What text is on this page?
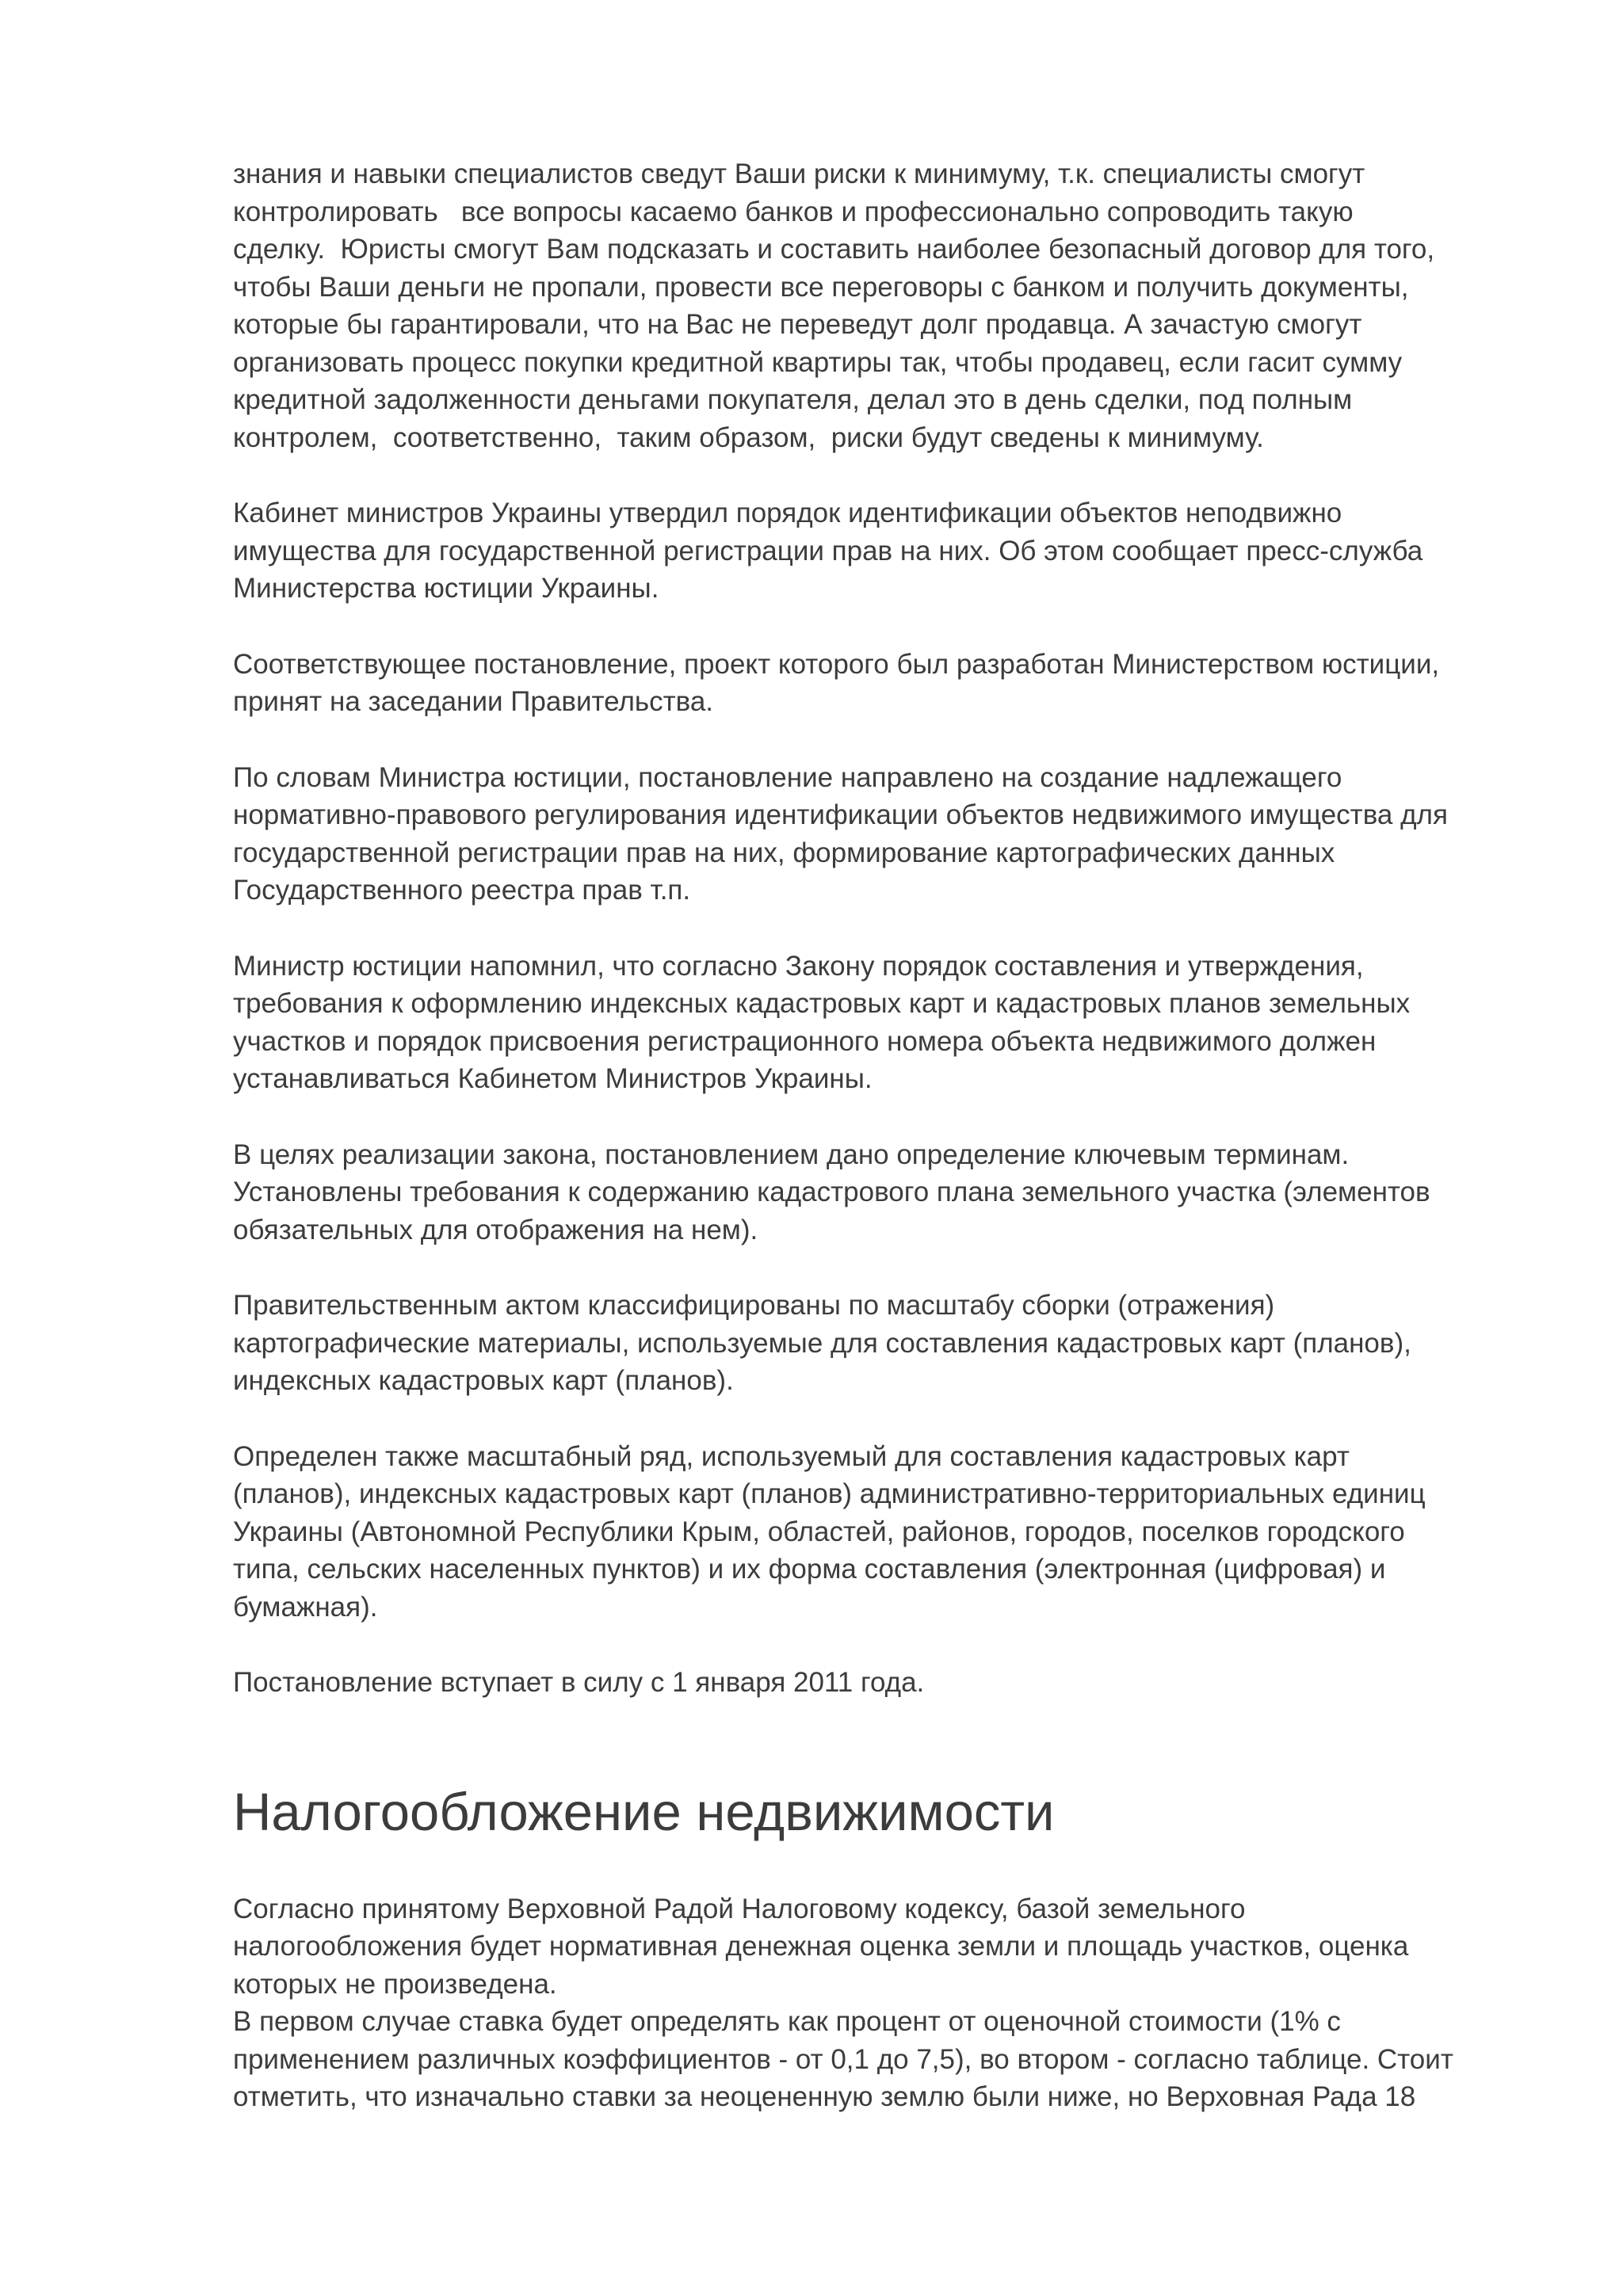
знания и навыки специалистов сведут Ваши риски к минимуму, т.к. специалисты смогут
контролировать   все вопросы касаемо банков и профессионально сопроводить такую
сделку.  Юристы смогут Вам подсказать и составить наиболее безопасный договор для того,
чтобы Ваши деньги не пропали, провести все переговоры с банком и получить документы,
которые бы гарантировали, что на Вас не переведут долг продавца. А зачастую смогут
организовать процесс покупки кредитной квартиры так, чтобы продавец, если гасит сумму
кредитной задолженности деньгами покупателя, делал это в день сделки, под полным
контролем,  соответственно,  таким образом,  риски будут сведены к минимуму.
Кабинет министров Украины утвердил порядок идентификации объектов неподвижно
имущества для государственной регистрации прав на них. Об этом сообщает пресс-служба
Министерства юстиции Украины.
Соответствующее постановление, проект которого был разработан Министерством юстиции,
принят на заседании Правительства.
По словам Министра юстиции, постановление направлено на создание надлежащего
нормативно-правового регулирования идентификации объектов недвижимого имущества для
государственной регистрации прав на них, формирование картографических данных
Государственного реестра прав т.п.
Министр юстиции напомнил, что согласно Закону порядок составления и утверждения,
требования к оформлению индексных кадастровых карт и кадастровых планов земельных
участков и порядок присвоения регистрационного номера объекта недвижимого должен
устанавливаться Кабинетом Министров Украины.
В целях реализации закона, постановлением дано определение ключевым терминам.
Установлены требования к содержанию кадастрового плана земельного участка (элементов
обязательных для отображения на нем).
Правительственным актом классифицированы по масштабу сборки (отражения)
картографические материалы, используемые для составления кадастровых карт (планов),
индексных кадастровых карт (планов).
Определен также масштабный ряд, используемый для составления кадастровых карт
(планов), индексных кадастровых карт (планов) административно-территориальных единиц
Украины (Автономной Республики Крым, областей, районов, городов, поселков городского
типа, сельских населенных пунктов) и их форма составления (электронная (цифровая) и
бумажная).
Постановление вступает в силу с 1 января 2011 года.
Налогообложение недвижимости
Согласно принятому Верховной Радой Налоговому кодексу, базой земельного
налогообложения будет нормативная денежная оценка земли и площадь участков, оценка
которых не произведена.
В первом случае ставка будет определять как процент от оценочной стоимости (1% с
применением различных коэффициентов - от 0,1 до 7,5), во втором - согласно таблице. Стоит
отметить, что изначально ставки за неоцененную землю были ниже, но Верховная Рада 18
